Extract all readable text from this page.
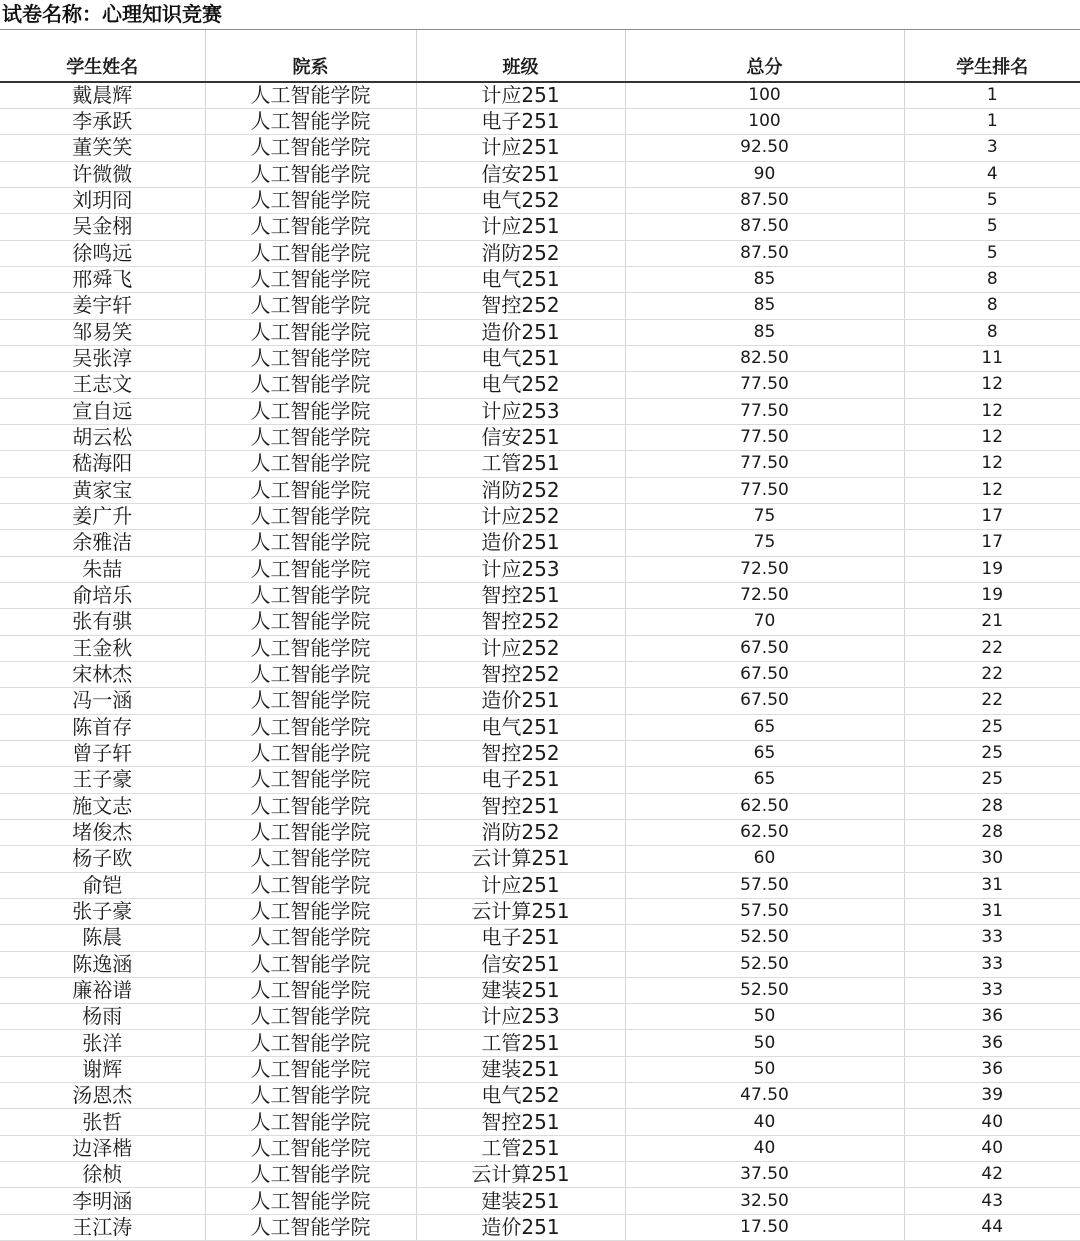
试卷名称：心理知识竞赛
学生姓名	院系	班级	总分	学生排名
戴晨辉	人工智能学院	计应251	100	1
李承跃	人工智能学院	电子251	100	1
董笑笑	人工智能学院	计应251	92.50	3
许微微	人工智能学院	信安251	90	4
刘玥冏	人工智能学院	电气252	87.50	5
吴金栩	人工智能学院	计应251	87.50	5
徐鸣远	人工智能学院	消防252	87.50	5
邢舜飞	人工智能学院	电气251	85	8
姜宇轩	人工智能学院	智控252	85	8
邹易笑	人工智能学院	造价251	85	8
吴张淳	人工智能学院	电气251	82.50	11
王志文	人工智能学院	电气252	77.50	12
宣自远	人工智能学院	计应253	77.50	12
胡云松	人工智能学院	信安251	77.50	12
嵇海阳	人工智能学院	工管251	77.50	12
黄家宝	人工智能学院	消防252	77.50	12
姜广升	人工智能学院	计应252	75	17
余雅洁	人工智能学院	造价251	75	17
朱喆	人工智能学院	计应253	72.50	19
俞培乐	人工智能学院	智控251	72.50	19
张有骐	人工智能学院	智控252	70	21
王金秋	人工智能学院	计应252	67.50	22
宋林杰	人工智能学院	智控252	67.50	22
冯一涵	人工智能学院	造价251	67.50	22
陈首存	人工智能学院	电气251	65	25
曾子轩	人工智能学院	智控252	65	25
王子豪	人工智能学院	电子251	65	25
施文志	人工智能学院	智控251	62.50	28
堵俊杰	人工智能学院	消防252	62.50	28
杨子欧	人工智能学院	云计算251	60	30
俞铠	人工智能学院	计应251	57.50	31
张子豪	人工智能学院	云计算251	57.50	31
陈晨	人工智能学院	电子251	52.50	33
陈逸涵	人工智能学院	信安251	52.50	33
廉裕谱	人工智能学院	建装251	52.50	33
杨雨	人工智能学院	计应253	50	36
张洋	人工智能学院	工管251	50	36
谢辉	人工智能学院	建装251	50	36
汤恩杰	人工智能学院	电气252	47.50	39
张哲	人工智能学院	智控251	40	40
边泽楷	人工智能学院	工管251	40	40
徐桢	人工智能学院	云计算251	37.50	42
李明涵	人工智能学院	建装251	32.50	43
王江涛	人工智能学院	造价251	17.50	44
